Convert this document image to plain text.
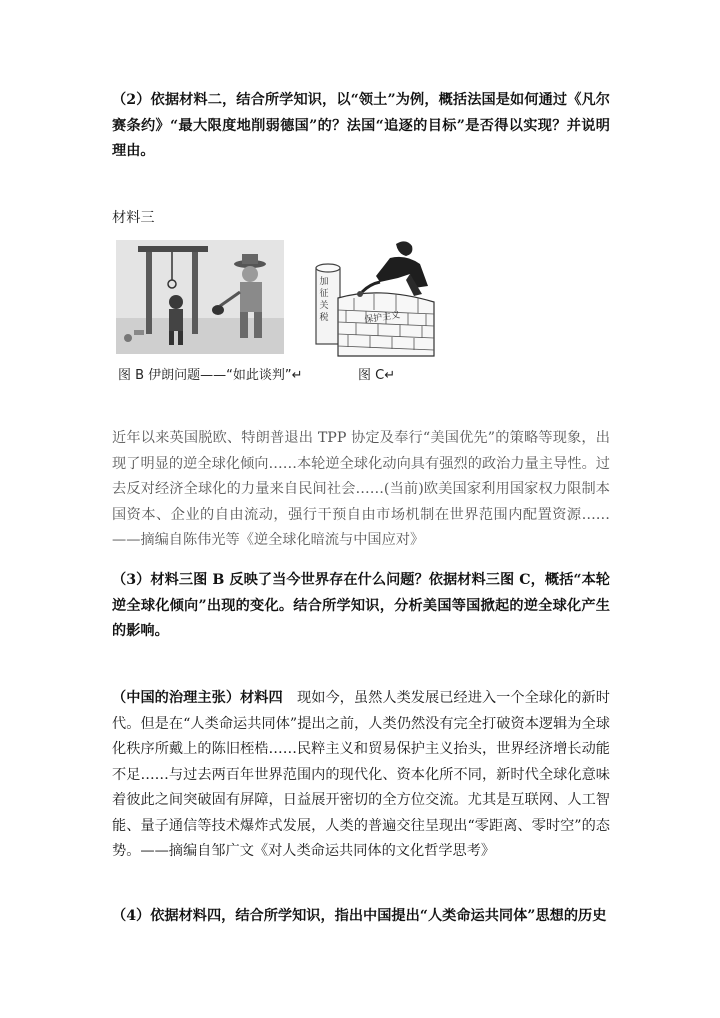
（2）依据材料二，结合所学知识，以“领土”为例，概括法国是如何通过《凡尔赛条约》“最大限度地削弱德国”的？法国“追逐的目标”是否得以实现？并说明理由。

材料三
图 B 伊朗问题——“如此谈判”↵	图 C↵

近年以来英国脱欧、特朗普退出 TPP 协定及奉行“美国优先”的策略等现象，出现了明显的逆全球化倾向……本轮逆全球化动向具有强烈的政治力量主导性。过去反对经济全球化的力量来自民间社会……(当前)欧美国家利用国家权力限制本国资本、企业的自由流动，强行干预自由市场机制在世界范围内配置资源……——摘编自陈伟光等《逆全球化暗流与中国应对》

（3）材料三图 B 反映了当今世界存在什么问题？依据材料三图 C，概括“本轮逆全球化倾向”出现的变化。结合所学知识，分析美国等国掀起的逆全球化产生的影响。

（中国的治理主张）材料四　 现如今，虽然人类发展已经进入一个全球化的新时代。但是在“人类命运共同体”提出之前，人类仍然没有完全打破资本逻辑为全球化秩序所戴上的陈旧桎梏……民粹主义和贸易保护主义抬头，世界经济增长动能不足……与过去两百年世界范围内的现代化、资本化所不同，新时代全球化意味着彼此之间突破固有屏障，日益展开密切的全方位交流。尤其是互联网、人工智能、量子通信等技术爆炸式发展，人类的普遍交往呈现出“零距离、零时空”的态势。——摘编自邹广文《对人类命运共同体的文化哲学思考》

（4）依据材料四，结合所学知识，指出中国提出“人类命运共同体”思想的历史

加
征
关
税	保护主义
